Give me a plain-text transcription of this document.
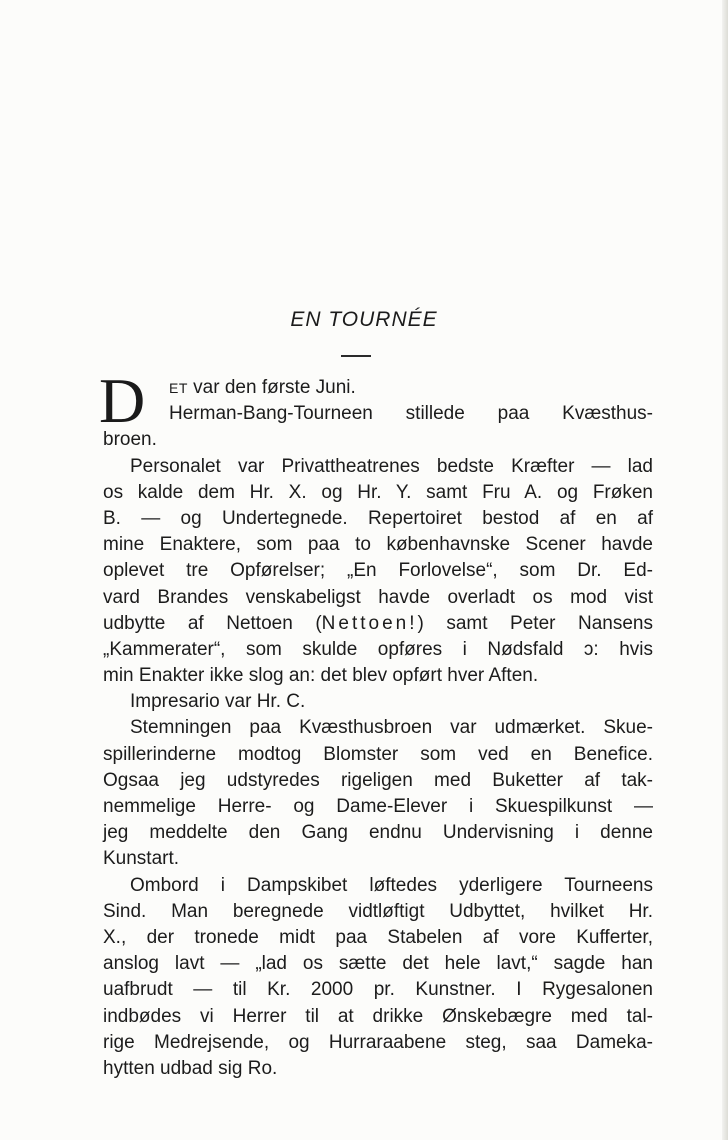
EN TOURNÉE
D ET var den første Juni.
Herman-Bang-Tourneen stillede paa Kvæsthus-
broen.
Personalet var Privattheatrenes bedste Kræfter — lad
os kalde dem Hr. X. og Hr. Y. samt Fru A. og Frøken
B. — og Undertegnede. Repertoiret bestod af en af
mine Enaktere, som paa to københavnske Scener havde
oplevet tre Opførelser; „En Forlovelse“, som Dr. Ed-
vard Brandes venskabeligst havde overladt os mod vist
udbytte af Nettoen (Nettoen!) samt Peter Nansens
„Kammerater“, som skulde opføres i Nødsfald ɔ: hvis
min Enakter ikke slog an: det blev opført hver Aften.
Impresario var Hr. C.
Stemningen paa Kvæsthusbroen var udmærket. Skue-
spillerinderne modtog Blomster som ved en Benefice.
Ogsaa jeg udstyredes rigeligen med Buketter af tak-
nemmelige Herre- og Dame-Elever i Skuespilkunst —
jeg meddelte den Gang endnu Undervisning i denne
Kunstart.
Ombord i Dampskibet løftedes yderligere Tourneens
Sind. Man beregnede vidtløftigt Udbyttet, hvilket Hr.
X., der tronede midt paa Stabelen af vore Kufferter,
anslog lavt — „lad os sætte det hele lavt,“ sagde han
uafbrudt — til Kr. 2000 pr. Kunstner. I Rygesalonen
indbødes vi Herrer til at drikke Ønskebægre med tal-
rige Medrejsende, og Hurraraabene steg, saa Dameka-
hytten udbad sig Ro.
